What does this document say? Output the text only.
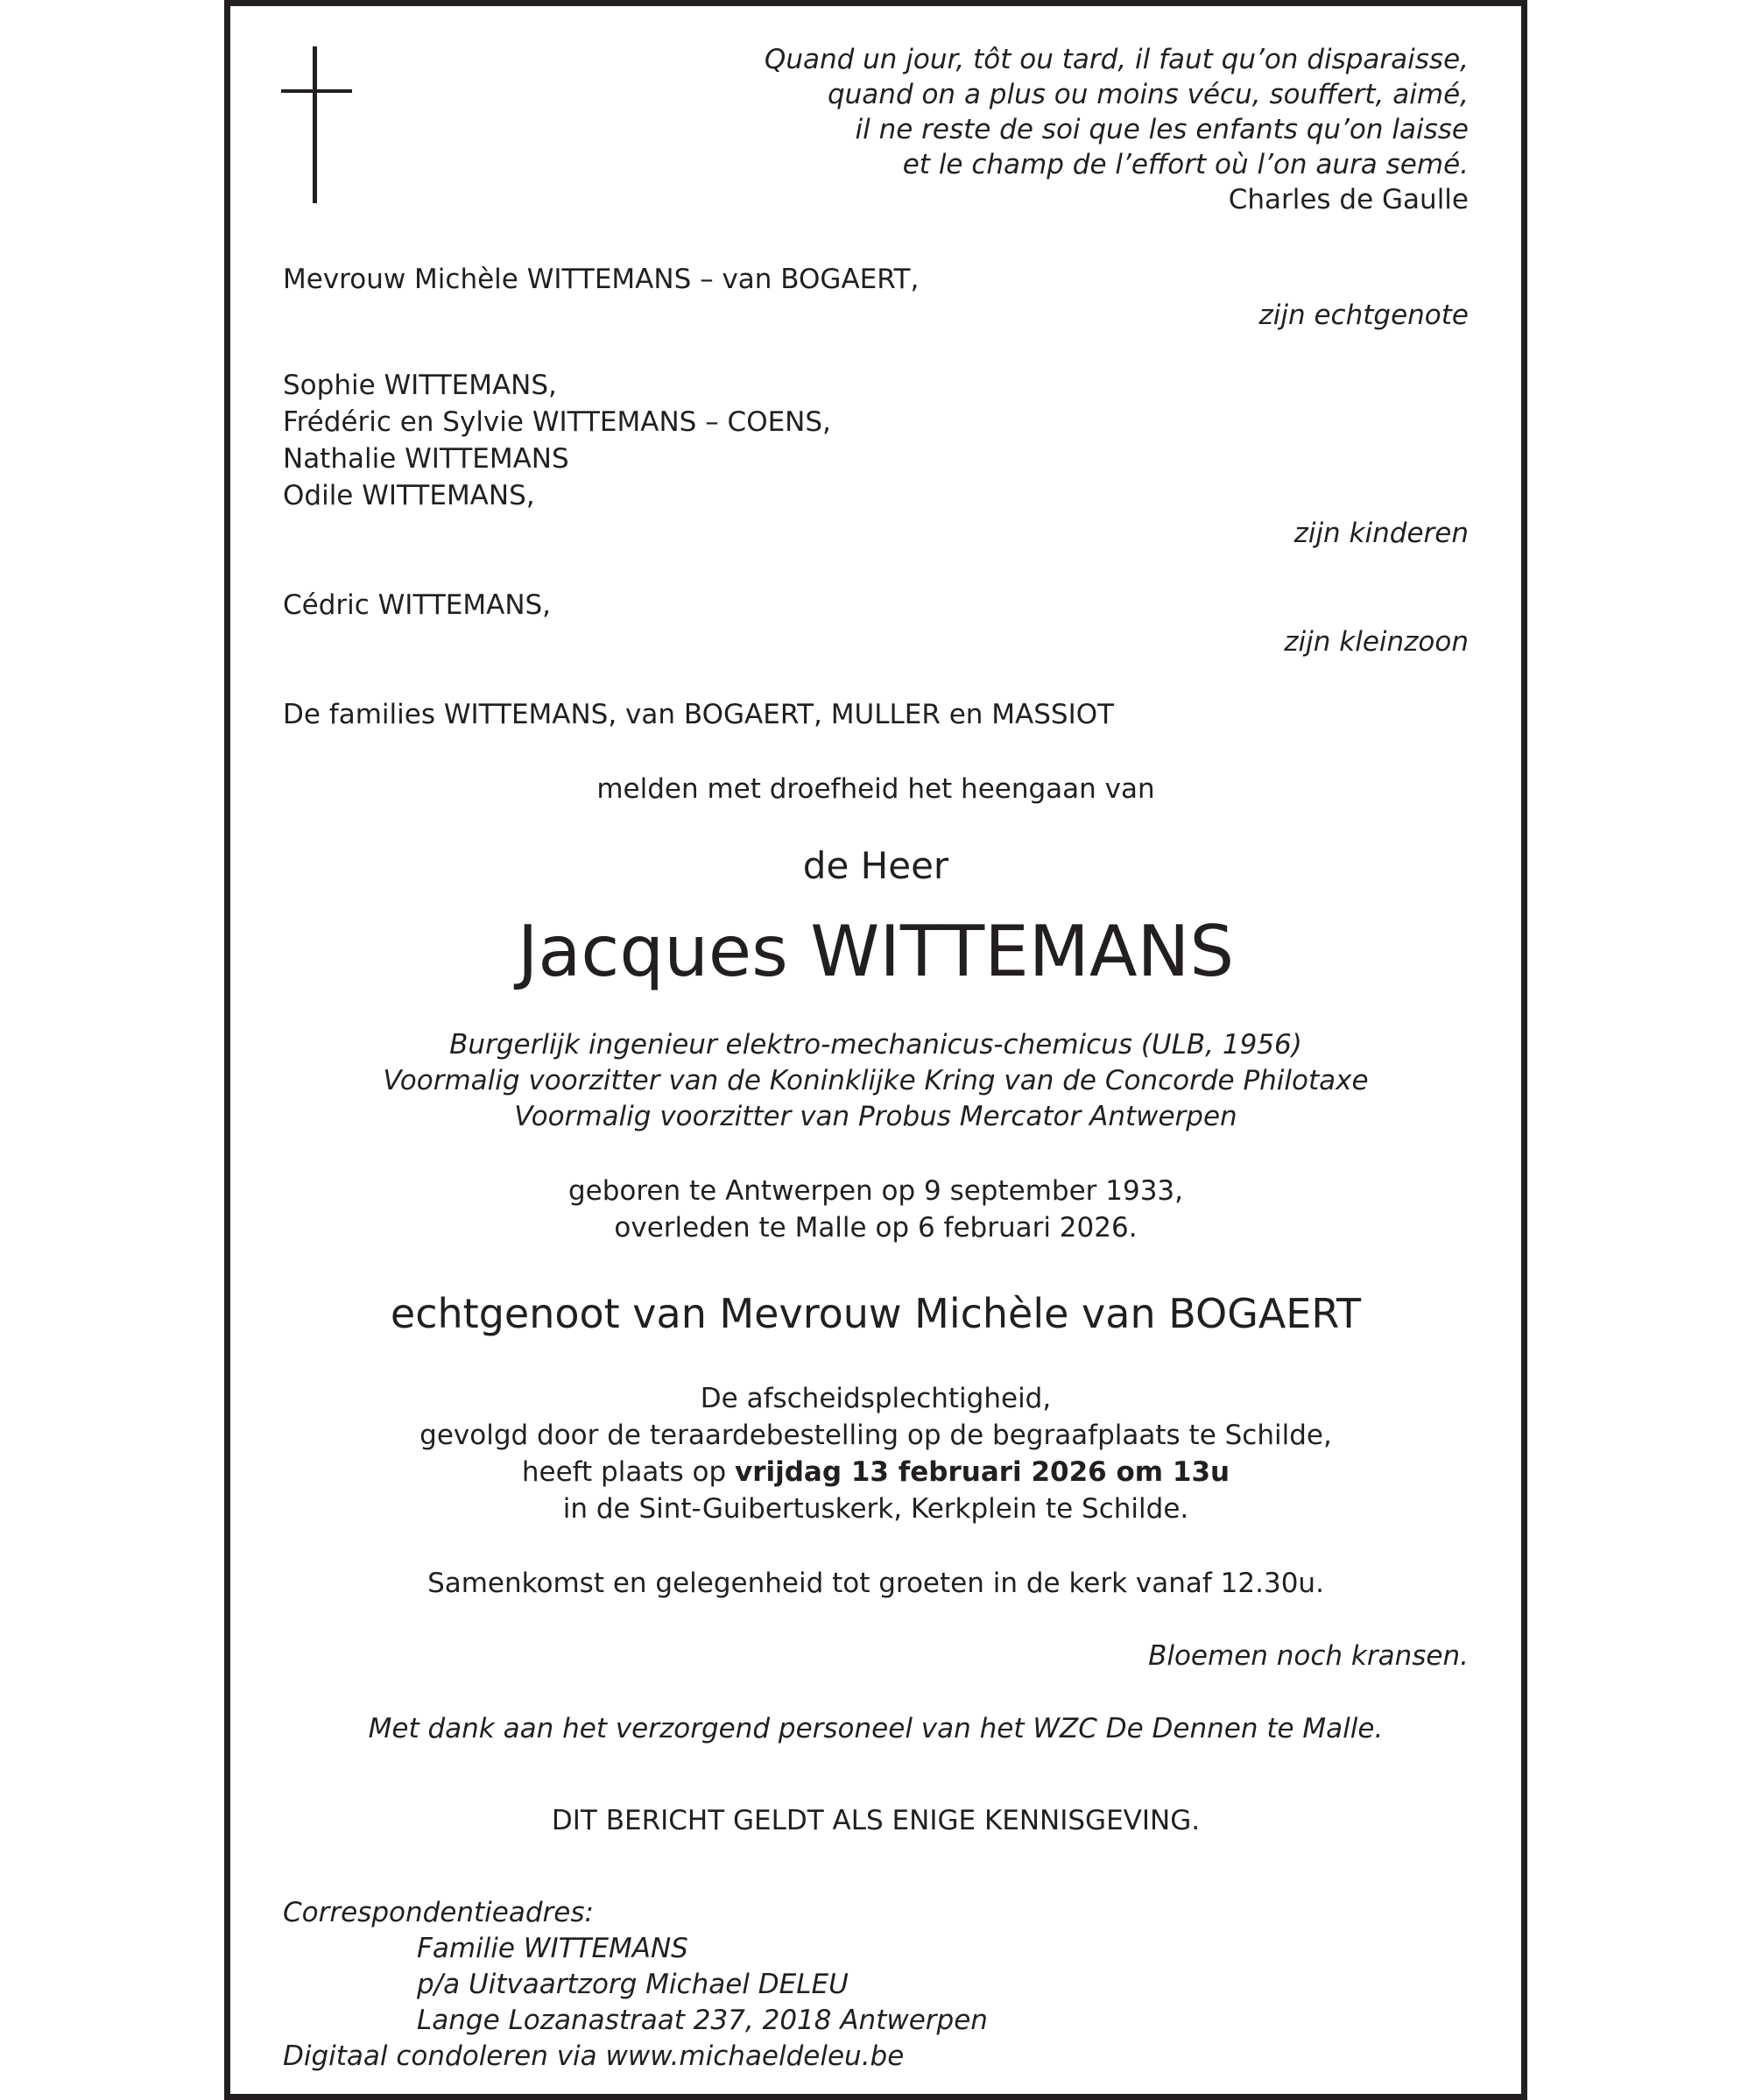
Quand un jour, tôt ou tard, il faut qu’on disparaisse,
quand on a plus ou moins vécu, souffert, aimé,
il ne reste de soi que les enfants qu’on laisse
et le champ de l’effort où l’on aura semé.
Charles de Gaulle
Mevrouw Michèle WITTEMANS – van BOGAERT,
zijn echtgenote
Sophie WITTEMANS,
Frédéric en Sylvie WITTEMANS – COENS,
Nathalie WITTEMANS
Odile WITTEMANS,
zijn kinderen
Cédric WITTEMANS,
zijn kleinzoon
De families WITTEMANS, van BOGAERT, MULLER en MASSIOT
melden met droefheid het heengaan van
de Heer
Jacques WITTEMANS
Burgerlijk ingenieur elektro-mechanicus-chemicus (ULB, 1956)
Voormalig voorzitter van de Koninklijke Kring van de Concorde Philotaxe
Voormalig voorzitter van Probus Mercator Antwerpen
geboren te Antwerpen op 9 september 1933,
overleden te Malle op 6 februari 2026.
echtgenoot van Mevrouw Michèle van BOGAERT
De afscheidsplechtigheid,
gevolgd door de teraardebestelling op de begraafplaats te Schilde,
heeft plaats op vrijdag 13 februari 2026 om 13u
in de Sint-Guibertuskerk, Kerkplein te Schilde.
Samenkomst en gelegenheid tot groeten in de kerk vanaf 12.30u.
Bloemen noch kransen.
Met dank aan het verzorgend personeel van het WZC De Dennen te Malle.
DIT BERICHT GELDT ALS ENIGE KENNISGEVING.
Correspondentieadres:
Familie WITTEMANS
p/a Uitvaartzorg Michael DELEU
Lange Lozanastraat 237, 2018 Antwerpen
Digitaal condoleren via www.michaeldeleu.be
